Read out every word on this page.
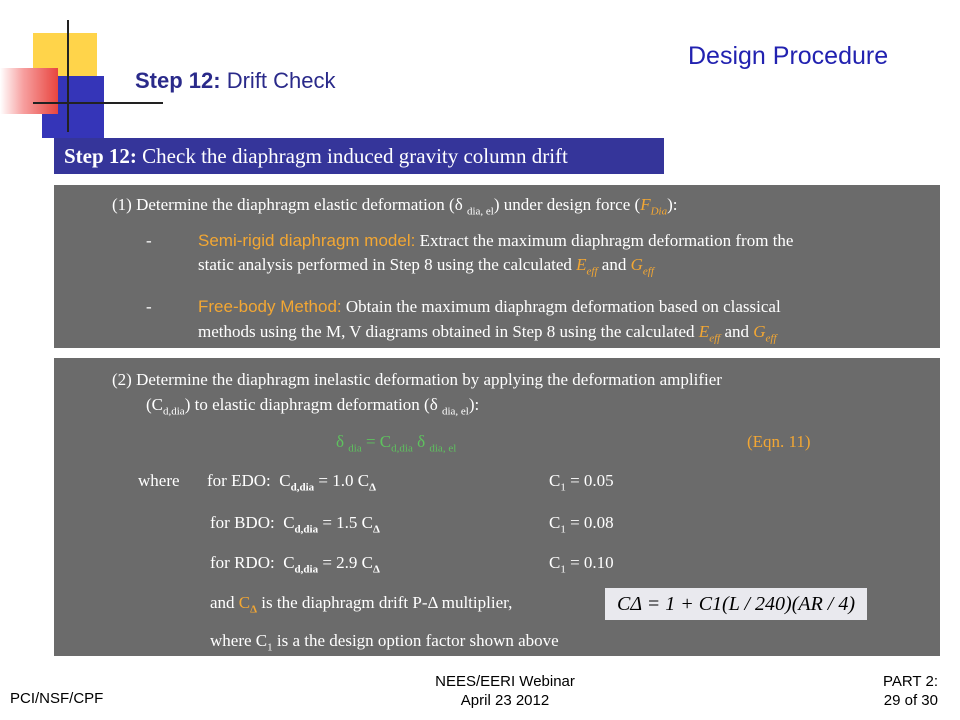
Design Procedure
Step 12: Drift Check
Step 12: Check the diaphragm induced gravity column drift
(1) Determine the diaphragm elastic deformation (δ $_{dia, el}$) under design force $(F_{Dia})$:
-	Semi-rigid diaphragm model: Extract the maximum diaphragm deformation from the
static analysis performed in Step 8 using the calculated $E_{eff}$ and $G_{eff}$
-	Free-body Method: Obtain the maximum diaphragm deformation based on classical
methods using the M, V diagrams obtained in Step 8 using the calculated $E_{eff}$ and $G_{eff}$
(2) Determine the diaphragm inelastic deformation by applying the deformation amplifier
$(C_{d,dia})$ to elastic diaphragm deformation (δ $_{dia, el}$):
δ $_{dia} = C_{d,dia}$ δ $_{dia, el}$	(Eqn. 11)
where for EDO: $C_{d,dia} = 1.0$ $C_\Delta$	$C_1 = 0.05$
for BDO: $C_{d,dia} = 1.5$ $C_\Delta$	$C_1 = 0.08$
for RDO: $C_{d,dia} = 2.9$ $C_\Delta$	$C_1 = 0.10$
and $C_\Delta$ is the diaphragm drift P-Δ multiplier,
where $C_1$ is a the design option factor shown above
CΔ = 1 + C1(L / 240)(AR / 4)
PCI/NSF/CPF
NEES/EERI Webinar
April 23 2012
PART 2:
29 of 30
